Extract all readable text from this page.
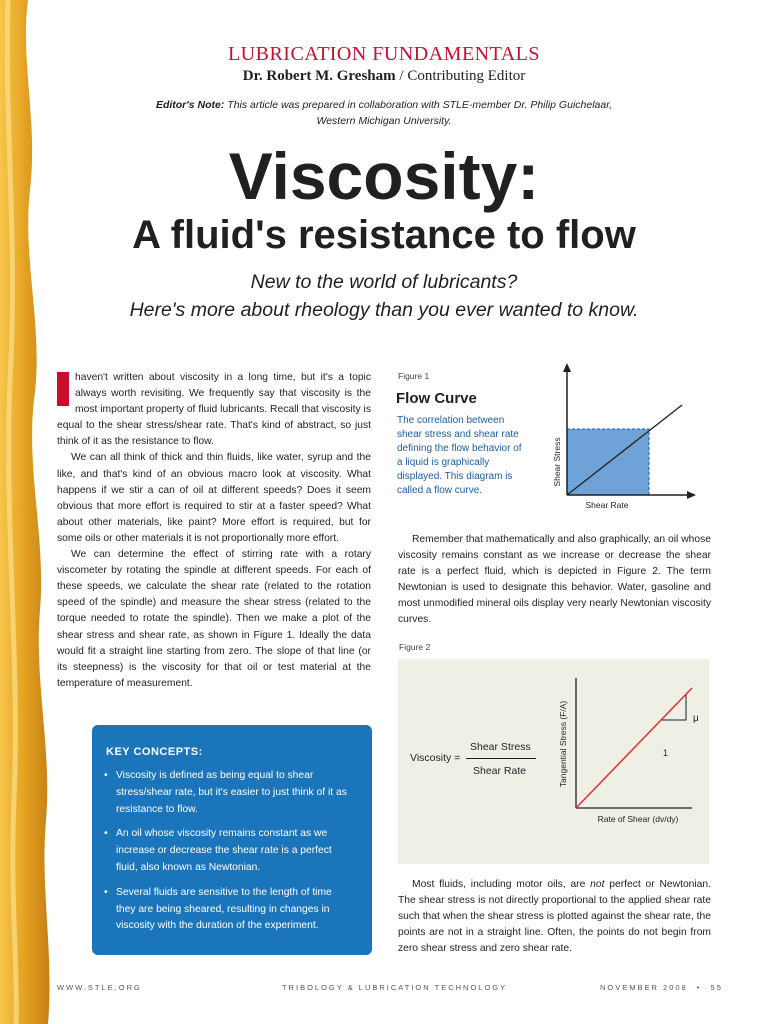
LUBRICATION FUNDAMENTALS
Dr. Robert M. Gresham / Contributing Editor
Editor's Note: This article was prepared in collaboration with STLE-member Dr. Philip Guichelaar,
Western Michigan University.
Viscosity:
A fluid's resistance to flow
New to the world of lubricants?
Here's more about rheology than you ever wanted to know.

haven't written about viscosity in a long time, but it's a topic always worth revisiting. We frequently say that viscosity is the most important property of fluid lubricants. Recall that viscosity is equal to the shear stress/shear rate. That's kind of abstract, so just think of it as the resistance to flow.

We can all think of thick and thin fluids, like water, syrup and the like, and that's kind of an obvious macro look at viscosity. What happens if we stir a can of oil at different speeds? Does it seem obvious that more effort is required to stir at a faster speed? What about other materials, like paint? More effort is required, but for some oils or other materials it is not proportionally more effort.

We can determine the effect of stirring rate with a rotary viscometer by rotating the spindle at different speeds. For each of these speeds, we calculate the shear rate (related to the rotation speed of the spindle) and measure the shear stress (related to the torque needed to rotate the spindle). Then we make a plot of the shear stress and shear rate, as shown in Figure 1. Ideally the data would fit a straight line starting from zero. The slope of that line (or its steepness) is the viscosity for that oil or test material at the temperature of measurement.

KEY CONCEPTS:
• Viscosity is defined as being equal to shear stress/shear rate, but it's easier to just think of it as resistance to flow.
• An oil whose viscosity remains constant as we increase or decrease the shear rate is a perfect fluid, also known as Newtonian.
• Several fluids are sensitive to the length of time they are being sheared, resulting in changes in viscosity with the duration of the experiment.
Figure 1
Flow Curve
The correlation between shear stress and shear rate defining the flow behavior of a liquid is graphically displayed. This diagram is called a flow curve.
Shear Stress
Shear Rate

Remember that mathematically and also graphically, an oil whose viscosity remains constant as we increase or decrease the shear rate is a perfect fluid, which is depicted in Figure 2. The term Newtonian is used to designate this behavior. Water, gasoline and most unmodified mineral oils display very nearly Newtonian viscosity curves.

Figure 2
Viscosity =
Shear Stress
Shear Rate
μ
1
Tangential Stress (F/A)
Rate of Shear (dv/dy)

Most fluids, including motor oils, are not perfect or Newtonian. The shear stress is not directly proportional to the applied shear rate such that when the shear stress is plotted against the shear rate, the points are not in a straight line. Often, the points do not begin from zero shear stress and zero shear rate.

WWW.STLE.ORG	TRIBOLOGY & LUBRICATION TECHNOLOGY	NOVEMBER 2008 • 55
